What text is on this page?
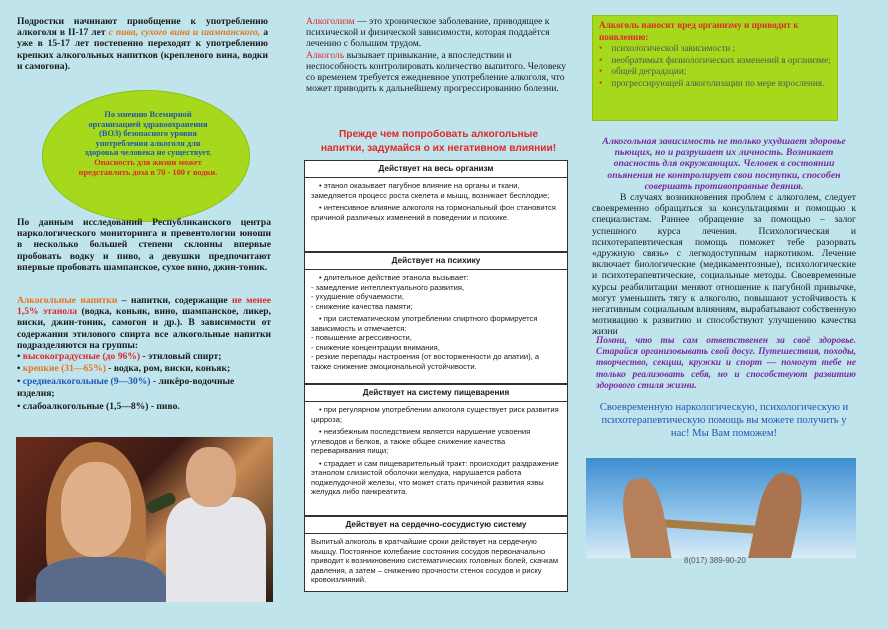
Подростки начинают приобщение к употреблению алкоголя в II-17 лет с пива, сухого вина и шампанского, а уже в 15-17 лет постепенно переходят к употреблению крепких алкогольных напитков (крепленого вина, водки и самогона).
По мнению Всемирной организацией здравоохранения (ВОЗ) безопасного уровня употребления алкоголя для здоровья человека не существует.
Опасность для жизни может представлять доза в 70 - 100 г водки.
По данным исследований Республиканского центра наркологического мониторинга и превентологии юноши в несколько большей степени склонны впервые пробовать водку и пиво, а девушки предпочитают впервые пробовать шампанское, сухое вино, джин-тоник.
Алкогольные напитки – напитки, содержащие не менее 1,5% этанола (водка, коньяк, вино, шампанское, ликер, виски, джин-тоник, самогон и др.). В зависимости от содержания этилового спирта все алкогольные напитки подразделяются на группы:
• высокоградусные (до 96%) - этиловый спирт;
• крепкие (31—65%) - водка, ром, виски, коньяк;
• среднеалкогольные (9—30%) - ликёро-водочные изделия;
• слабоалкогольные (1,5—8%) - пиво.

Алкоголизм — это хроническое заболевание, приводящее к психической и физической зависимости, которая поддаётся лечению с большим трудом.

Алкоголь вызывает привыкание, а впоследствии и неспособность контролировать количество выпитого. Человеку со временем требуется ежедневное употребление алкоголя, что может приводить к дальнейшему прогрессированию болезни.

Прежде чем попробовать алкогольные напитки, задумайся о их негативном влиянии!
Действует на весь организм
• этанол оказывает пагубное влияние на органы и ткани, замедляется процесс роста скелета и мышц, возникает бесплодие;
• интенсивное влияние алкоголя на гормональный фон становится причиной различных изменений в поведении и психике.
Действует на психику
• длительное действие этанола вызывает:
- замедление интеллектуального развития,
- ухудшение обучаемости,
- снижение качества памяти;
• при систематическом употреблении спиртного формируется зависимость и отмечается:
- повышение агрессивности,
- снижение концентрации внимания,
- резкие перепады настроения (от восторженности до апатии), а также снижение эмоциональной устойчивости.
Действует на систему пищеварения
• при регулярном употреблении алкоголя существует риск развития цирроза;
• неизбежным последствием является нарушение усвоения углеводов и белков, а также общее снижение качества переваривания пищи;
• страдает и сам пищеварительный тракт: происходит раздражение этанолом слизистой оболочки желудка, нарушается работа поджелудочной железы, что может стать причиной развития язвы желудка либо панкреатита.
Действует на сердечно-сосудистую систему
Выпитый алкоголь в кратчайшие сроки действует на сердечную мышцу. Постоянное колебание состояния сосудов первоначально приводит к возникновению систематических головных болей, скачкам давления, а затем – снижению прочности стенок сосудов и риску кровоизлияний.
Алкоголь наносит вред организму и приводит к появлению:
•    психологической зависимости ;
•    необратимых физиологических изменений в организме;
•    общей деградации;
•    прогрессирующей алкоголизации по мере взросления.
Алкогольная зависимость не только ухудшает здоровье пьющих, но и разрушает их личность. Возникает опасность для окружающих. Человек в состоянии опьянения не контролирует свои поступки, способен совершать противоправные деяния.
В случаях возникновения проблем с алкоголем, следует своевременно обращаться за консультациями и помощью к специалистам. Раннее обращение за помощью – залог успешного курса лечения. Психологическая и психотерапевтическая помощь поможет тебе разорвать «дружную связь» с легкодоступным наркотиком. Лечение включает биологические (медикаментозные), психологические и психотерапевтические, социальные методы. Своевременные курсы реабилитации меняют отношение к пагубной привычке, могут уменьшить тягу к алкоголю, повышают устойчивость к негативным социальным влияниям, вырабатывают собственную мотивацию к развитию и способствуют улучшению качества жизни
Помни, что ты сам ответственен за своё здоровье. Старайся организовывать свой досуг. Путешествия, походы, творчество, секции, кружки и спорт — помогут тебе не только реализовать себя, но и способствуют развитию здорового стиля жизни.
Своевременную наркологическую, психологическую и психотерапевтическую помощь вы можете получить у нас! Мы Вам поможем!
8(017) 389-90-20
